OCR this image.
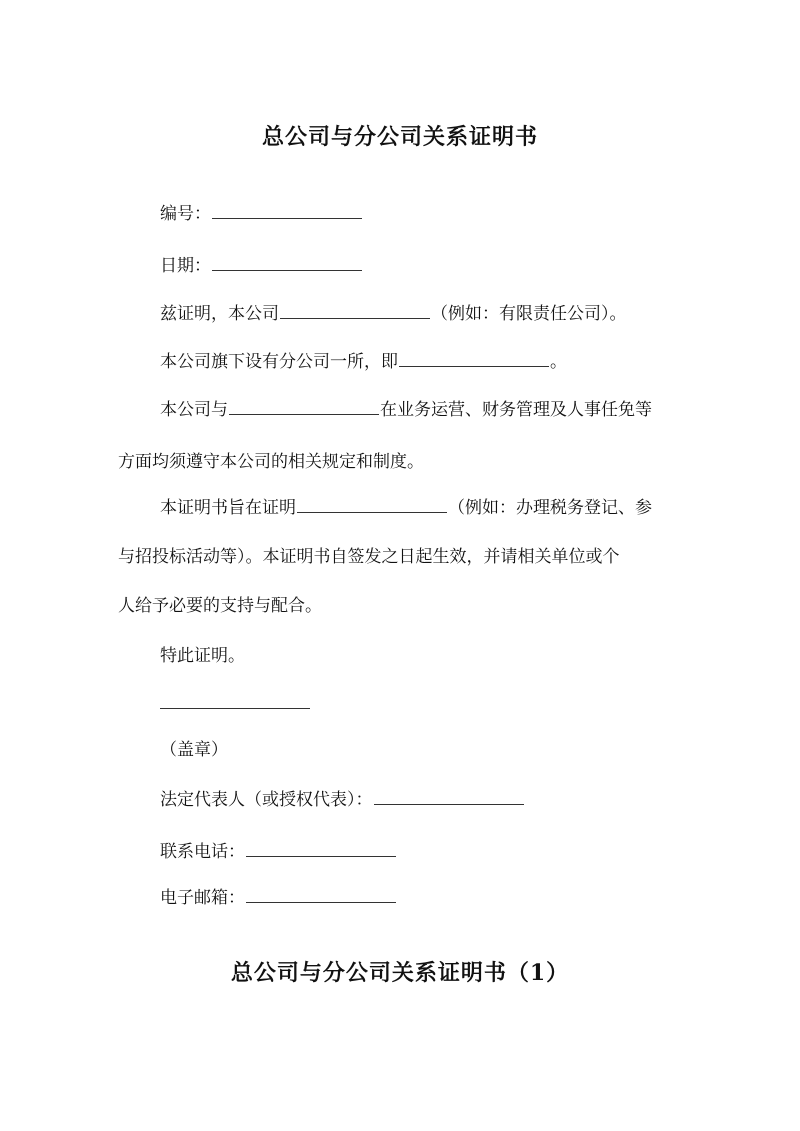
总公司与分公司关系证明书
编号：
日期：
兹证明，本公司	（例如：有限责任公司）。
本公司旗下设有分公司一所，即	。
本公司与	在业务运营、财务管理及人事任免等
方面均须遵守本公司的相关规定和制度。
本证明书旨在证明	（例如：办理税务登记、参
与招投标活动等）。本证明书自签发之日起生效，并请相关单位或个
人给予必要的支持与配合。
特此证明。
（盖章）
法定代表人（或授权代表）：
联系电话：
电子邮箱：
总公司与分公司关系证明书（1）
